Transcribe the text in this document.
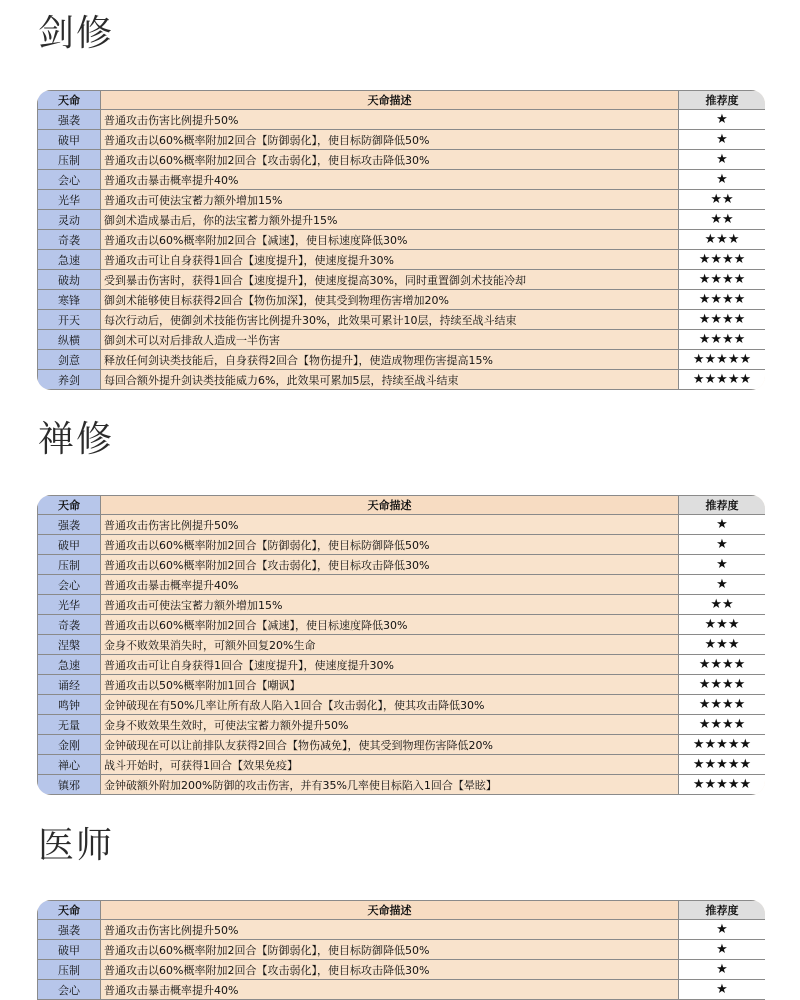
剑修
天命	天命描述	推荐度
强袭	普通攻击伤害比例提升50%	★
破甲	普通攻击以60%概率附加2回合【防御弱化】，使目标防御降低50%	★
压制	普通攻击以60%概率附加2回合【攻击弱化】，使目标攻击降低30%	★
会心	普通攻击暴击概率提升40%	★
光华	普通攻击可使法宝蓄力额外增加15%	★★
灵动	御剑术造成暴击后，你的法宝蓄力额外提升15%	★★
奇袭	普通攻击以60%概率附加2回合【减速】，使目标速度降低30%	★★★
急速	普通攻击可让自身获得1回合【速度提升】，使速度提升30%	★★★★
破劫	受到暴击伤害时，获得1回合【速度提升】，使速度提高30%，同时重置御剑术技能冷却	★★★★
寒锋	御剑术能够使目标获得2回合【物伤加深】，使其受到物理伤害增加20%	★★★★
开天	每次行动后，使御剑术技能伤害比例提升30%，此效果可累计10层，持续至战斗结束	★★★★
纵横	御剑术可以对后排敌人造成一半伤害	★★★★
剑意	释放任何剑诀类技能后，自身获得2回合【物伤提升】，使造成物理伤害提高15%	★★★★★
养剑	每回合额外提升剑诀类技能威力6%，此效果可累加5层，持续至战斗结束	★★★★★
禅修
天命	天命描述	推荐度
强袭	普通攻击伤害比例提升50%	★
破甲	普通攻击以60%概率附加2回合【防御弱化】，使目标防御降低50%	★
压制	普通攻击以60%概率附加2回合【攻击弱化】，使目标攻击降低30%	★
会心	普通攻击暴击概率提升40%	★
光华	普通攻击可使法宝蓄力额外增加15%	★★
奇袭	普通攻击以60%概率附加2回合【减速】，使目标速度降低30%	★★★
涅槃	金身不败效果消失时，可额外回复20%生命	★★★
急速	普通攻击可让自身获得1回合【速度提升】，使速度提升30%	★★★★
诵经	普通攻击以50%概率附加1回合【嘲讽】	★★★★
鸣钟	金钟破现在有50%几率让所有敌人陷入1回合【攻击弱化】，使其攻击降低30%	★★★★
无量	金身不败效果生效时，可使法宝蓄力额外提升50%	★★★★
金刚	金钟破现在可以让前排队友获得2回合【物伤减免】，使其受到物理伤害降低20%	★★★★★
禅心	战斗开始时，可获得1回合【效果免疫】	★★★★★
镇邪	金钟破额外附加200%防御的攻击伤害，并有35%几率使目标陷入1回合【晕眩】	★★★★★
医师
天命	天命描述	推荐度
强袭	普通攻击伤害比例提升50%	★
破甲	普通攻击以60%概率附加2回合【防御弱化】，使目标防御降低50%	★
压制	普通攻击以60%概率附加2回合【攻击弱化】，使目标攻击降低30%	★
会心	普通攻击暴击概率提升40%	★
